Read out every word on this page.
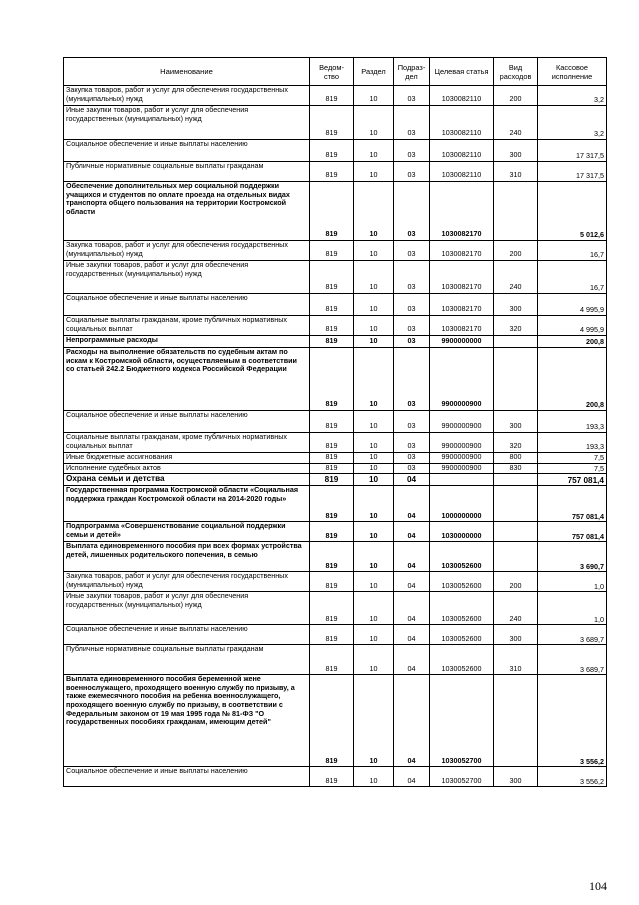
Наименование	Ведом-ство	Раздел	Подраз-дел	Целевая статья	Вид расходов	Кассовое исполнение
Закупка товаров, работ и услуг для обеспечения государственных (муниципальных) нужд	819	10	03	1030082110	200	3,2
Иные закупки товаров, работ и услуг для обеспечения государственных (муниципальных) нужд	819	10	03	1030082110	240	3,2
Социальное обеспечение и иные выплаты населению	819	10	03	1030082110	300	17 317,5
Публичные нормативные социальные выплаты гражданам	819	10	03	1030082110	310	17 317,5
Обеспечение дополнительных мер социальной поддержки учащихся и студентов по оплате проезда на отдельных видах транспорта общего пользования на территории Костромской области	819	10	03	1030082170		5 012,6
Закупка товаров, работ и услуг для обеспечения государственных (муниципальных) нужд	819	10	03	1030082170	200	16,7
Иные закупки товаров, работ и услуг для обеспечения государственных (муниципальных) нужд	819	10	03	1030082170	240	16,7
Социальное обеспечение и иные выплаты населению	819	10	03	1030082170	300	4 995,9
Социальные выплаты гражданам, кроме публичных нормативных социальных выплат	819	10	03	1030082170	320	4 995,9
Непрограммные расходы	819	10	03	9900000000		200,8
Расходы на выполнение обязательств по судебным актам по искам к Костромской области, осуществляемым в соответствии со статьей 242.2 Бюджетного кодекса Российской Федерации	819	10	03	9900000900		200,8
Социальное обеспечение и иные выплаты населению	819	10	03	9900000900	300	193,3
Социальные выплаты гражданам, кроме публичных нормативных социальных выплат	819	10	03	9900000900	320	193,3
Иные бюджетные ассигнования	819	10	03	9900000900	800	7,5
Исполнение судебных актов	819	10	03	9900000900	830	7,5
Охрана семьи и детства	819	10	04			757 081,4
Государственная программа Костромской области «Социальная поддержка граждан Костромской области на 2014-2020 годы»	819	10	04	1000000000		757 081,4
Подпрограмма «Совершенствование социальной поддержки семьи и детей»	819	10	04	1030000000		757 081,4
Выплата единовременного пособия при всех формах устройства детей, лишенных родительского попечения, в семью	819	10	04	1030052600		3 690,7
Закупка товаров, работ и услуг для обеспечения государственных (муниципальных) нужд	819	10	04	1030052600	200	1,0
Иные закупки товаров, работ и услуг для обеспечения государственных (муниципальных) нужд	819	10	04	1030052600	240	1,0
Социальное обеспечение и иные выплаты населению	819	10	04	1030052600	300	3 689,7
Публичные нормативные социальные выплаты гражданам	819	10	04	1030052600	310	3 689,7
Выплата единовременного пособия беременной жене военнослужащего, проходящего военную службу по призыву, а также ежемесячного пособия на ребенка военнослужащего, проходящего военную службу по призыву, в соответствии с Федеральным законом от 19 мая 1995 года № 81-ФЗ "О государственных пособиях гражданам, имеющим детей"	819	10	04	1030052700		3 556,2
Социальное обеспечение и иные выплаты населению	819	10	04	1030052700	300	3 556,2
104
